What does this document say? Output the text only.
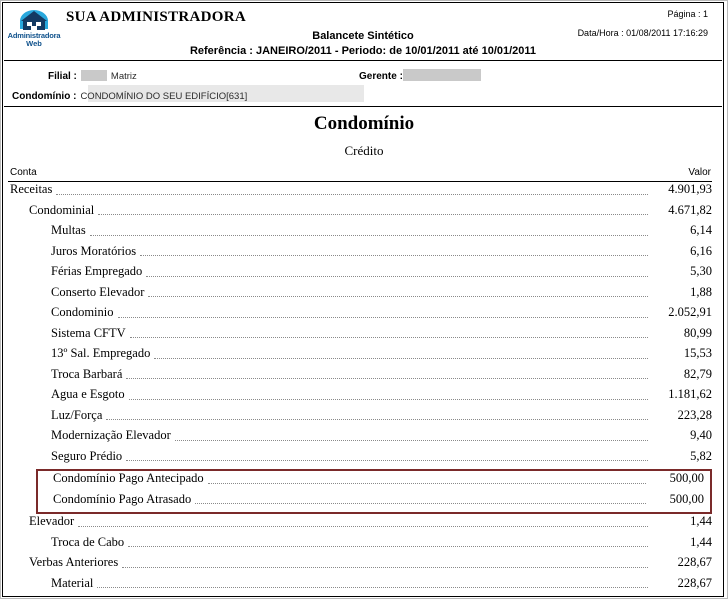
Administradora
Web
SUA ADMINISTRADORA
Balancete Sintético
Referência : JANEIRO/2011 - Periodo: de 10/01/2011 até 10/01/2011
Página : 1
Data/Hora : 01/08/2011 17:16:29
Filial :	Matriz	Gerente :
Condomínio : CONDOMÍNIO DO SEU EDIFÍCIO[631]
Condomínio
Crédito
Conta	Valor
Receitas	4.901,93
Condominial	4.671,82
Multas	6,14
Juros Moratórios	6,16
Férias Empregado	5,30
Conserto Elevador	1,88
Condominio	2.052,91
Sistema CFTV	80,99
13º Sal. Empregado	15,53
Troca Barbará	82,79
Agua e Esgoto	1.181,62
Luz/Força	223,28
Modernização Elevador	9,40
Seguro Prédio	5,82
Condomínio Pago Antecipado	500,00
Condomínio Pago Atrasado	500,00
Elevador	1,44
Troca de Cabo	1,44
Verbas Anteriores	228,67
Material	228,67
